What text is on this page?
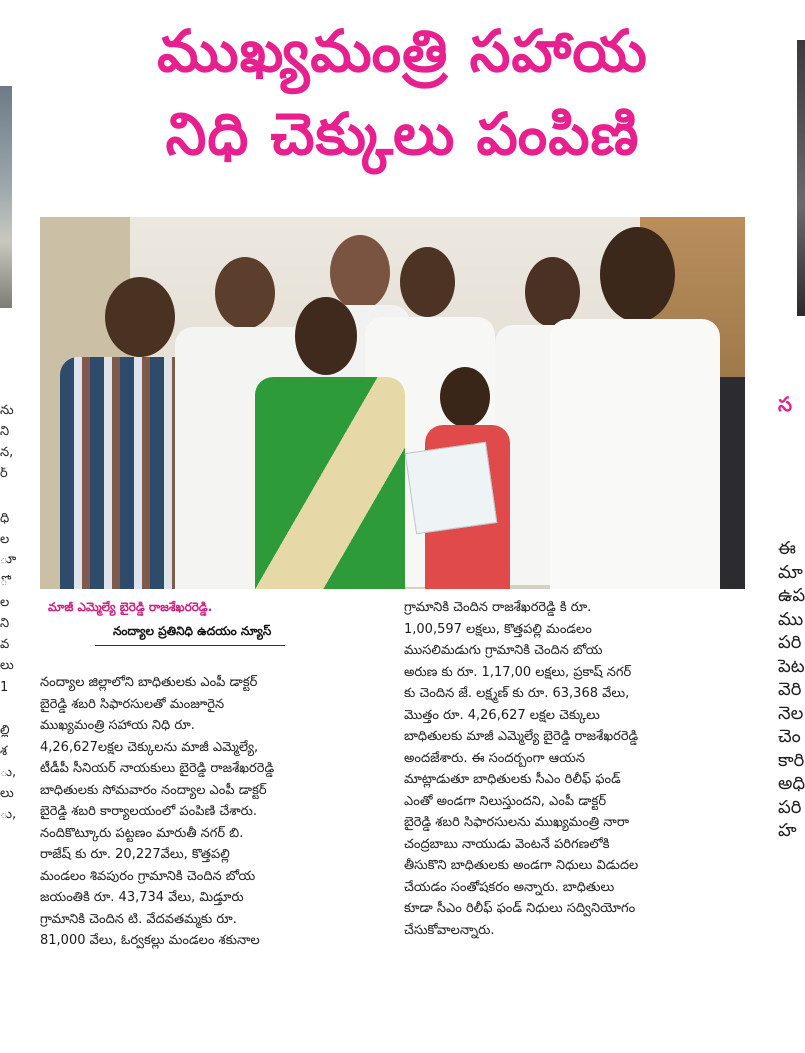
ముఖ్యమంత్రి సహాయ
నిధి చెక్కులు పంపిణి
ను
ని
న,
ర్
ధి
ల
ూ
ో
ల
ని
వ
లు
1
ల్లి
శ
ు,
లు
ు,
స
ఈ
మా
ఉప
ము
పరి
పెట
వెరి
నెల
చెం
కారి
అధి
పరి
హ
మాజీ ఎమ్మెల్యే బైరెడ్డి రాజశేఖరరెడ్డి.
నంద్యాల ప్రతినిధి ఉదయం న్యూస్

నంద్యాల జిల్లాలోని బాధితులకు ఎంపీ డాక్టర్

బైరెడ్డి శబరి సిఫారసులతో మంజూరైన

ముఖ్యమంత్రి సహాయ నిధి రూ.

4,26,627లక్షల చెక్కులను మాజీ ఎమ్మెల్యే,

టీడీపీ సీనియర్ నాయకులు బైరెడ్డి రాజశేఖరరెడ్డి

బాధితులకు సోమవారం నంద్యాల ఎంపీ డాక్టర్

బైరెడ్డి శబరి కార్యాలయంలో పంపిణి చేశారు.

నందికొట్కూరు పట్టణం మారుతీ నగర్ బి.

రాజేష్ కు రూ. 20,227వేలు, కొత్తపల్లి

మండలం శివపురం గ్రామానికి చెందిన బోయ

జయంతికి రూ. 43,734 వేలు, మిడ్తూరు

గ్రామానికి చెందిన టి. వేదవతమ్మకు రూ.

81,000 వేలు, ఓర్వకల్లు మండలం శకునాల

గ్రామానికి చెందిన రాజశేఖరరెడ్డి కి రూ.

1,00,597 లక్షలు, కొత్తపల్లి మండలం

ముసలిమడుగు గ్రామానికి చెందిన బోయ

అరుణ కు రూ. 1,17,00 లక్షలు, ప్రకాష్ నగర్

కు చెందిన జే. లక్ష్మణ్ కు రూ. 63,368 వేలు,

మొత్తం రూ. 4,26,627 లక్షల చెక్కులు

బాధితులకు మాజీ ఎమ్మెల్యే బైరెడ్డి రాజశేఖరరెడ్డి

అందజేశారు. ఈ సందర్బంగా ఆయన

మాట్లాడుతూ బాధితులకు సీఎం రిలీఫ్ ఫండ్

ఎంతో అండగా నిలుస్తుందని, ఎంపీ డాక్టర్

బైరెడ్డి శబరి సిఫారసులను ముఖ్యమంత్రి నారా

చంద్రబాబు నాయుడు వెంటనే పరిగణలోకి

తీసుకొని బాధితులకు అండగా నిధులు విడుదల

చేయడం సంతోషకరం అన్నారు. బాధితులు

కూడా సీఎం రిలీఫ్ ఫండ్ నిధులు సద్వినియోగం

చేసుకోవాలన్నారు.
